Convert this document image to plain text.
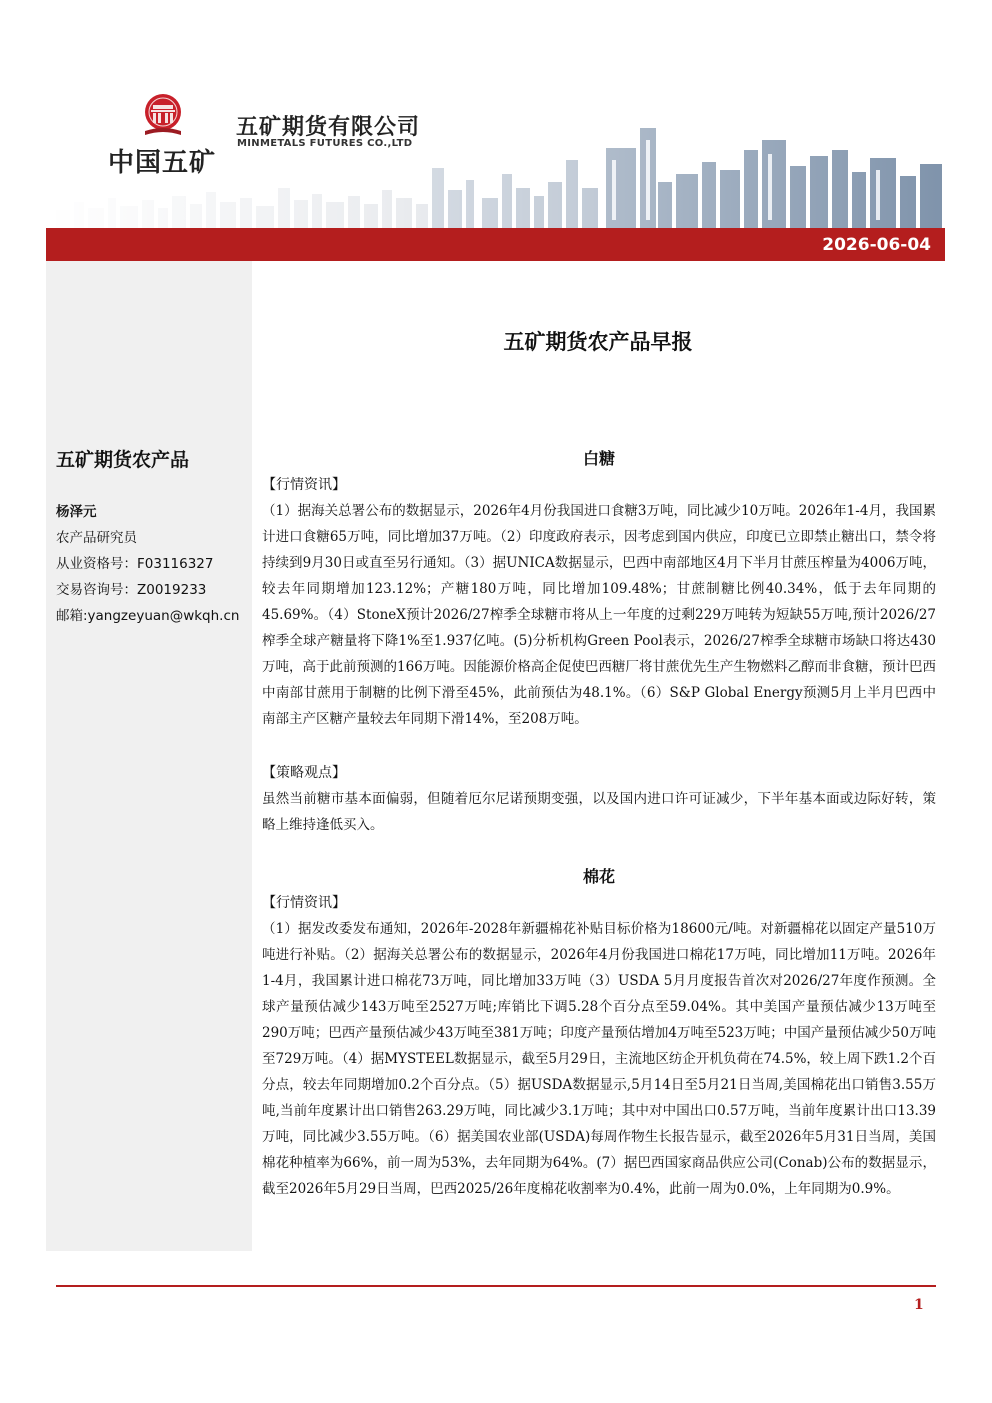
中国五矿
五矿期货有限公司
MINMETALS FUTURES CO.,LTD
2026-06-04
五矿期货农产品
杨泽元
农产品研究员
从业资格号：F03116327
交易咨询号：Z0019233
邮箱:yangzeyuan@wkqh.cn
五矿期货农产品早报
白糖
【行情资讯】

（1）据海关总署公布的数据显示，2026年4月份我国进口食糖3万吨，同比减少10万吨。2026年1-4月，我国累计进口食糖65万吨，同比增加37万吨。（2）印度政府表示，因考虑到国内供应，印度已立即禁止糖出口，禁令将持续到9月30日或直至另行通知。（3）据UNICA数据显示，巴西中南部地区4月下半月甘蔗压榨量为4006万吨，较去年同期增加123.12%；产糖180万吨，同比增加109.48%；甘蔗制糖比例40.34%，低于去年同期的45.69%。（4）StoneX预计2026/27榨季全球糖市将从上一年度的过剩229万吨转为短缺55万吨,预计2026/27榨季全球产糖量将下降1%至1.937亿吨。(5)分析机构Green Pool表示，2026/27榨季全球糖市场缺口将达430万吨，高于此前预测的166万吨。因能源价格高企促使巴西糖厂将甘蔗优先生产生物燃料乙醇而非食糖，预计巴西中南部甘蔗用于制糖的比例下滑至45%，此前预估为48.1%。（6）S&P Global Energy预测5月上半月巴西中南部主产区糖产量较去年同期下滑14%，至208万吨。

【策略观点】

虽然当前糖市基本面偏弱，但随着厄尔尼诺预期变强，以及国内进口许可证减少，下半年基本面或边际好转，策略上维持逢低买入。

棉花
【行情资讯】

（1）据发改委发布通知，2026年-2028年新疆棉花补贴目标价格为18600元/吨。对新疆棉花以固定产量510万吨进行补贴。（2）据海关总署公布的数据显示，2026年4月份我国进口棉花17万吨，同比增加11万吨。2026年1-4月，我国累计进口棉花73万吨，同比增加33万吨（3）USDA 5月月度报告首次对2026/27年度作预测。全球产量预估减少143万吨至2527万吨;库销比下调5.28个百分点至59.04%。其中美国产量预估减少13万吨至290万吨；巴西产量预估减少43万吨至381万吨；印度产量预估增加4万吨至523万吨；中国产量预估减少50万吨至729万吨。（4）据MYSTEEL数据显示，截至5月29日，主流地区纺企开机负荷在74.5%，较上周下跌1.2个百分点，较去年同期增加0.2个百分点。（5）据USDA数据显示,5月14日至5月21日当周,美国棉花出口销售3.55万吨,当前年度累计出口销售263.29万吨，同比减少3.1万吨；其中对中国出口0.57万吨，当前年度累计出口13.39万吨，同比减少3.55万吨。（6）据美国农业部(USDA)每周作物生长报告显示，截至2026年5月31日当周，美国棉花种植率为66%，前一周为53%，去年同期为64%。(7）据巴西国家商品供应公司(Conab)公布的数据显示，截至2026年5月29日当周，巴西2025/26年度棉花收割率为0.4%，此前一周为0.0%，上年同期为0.9%。

1
